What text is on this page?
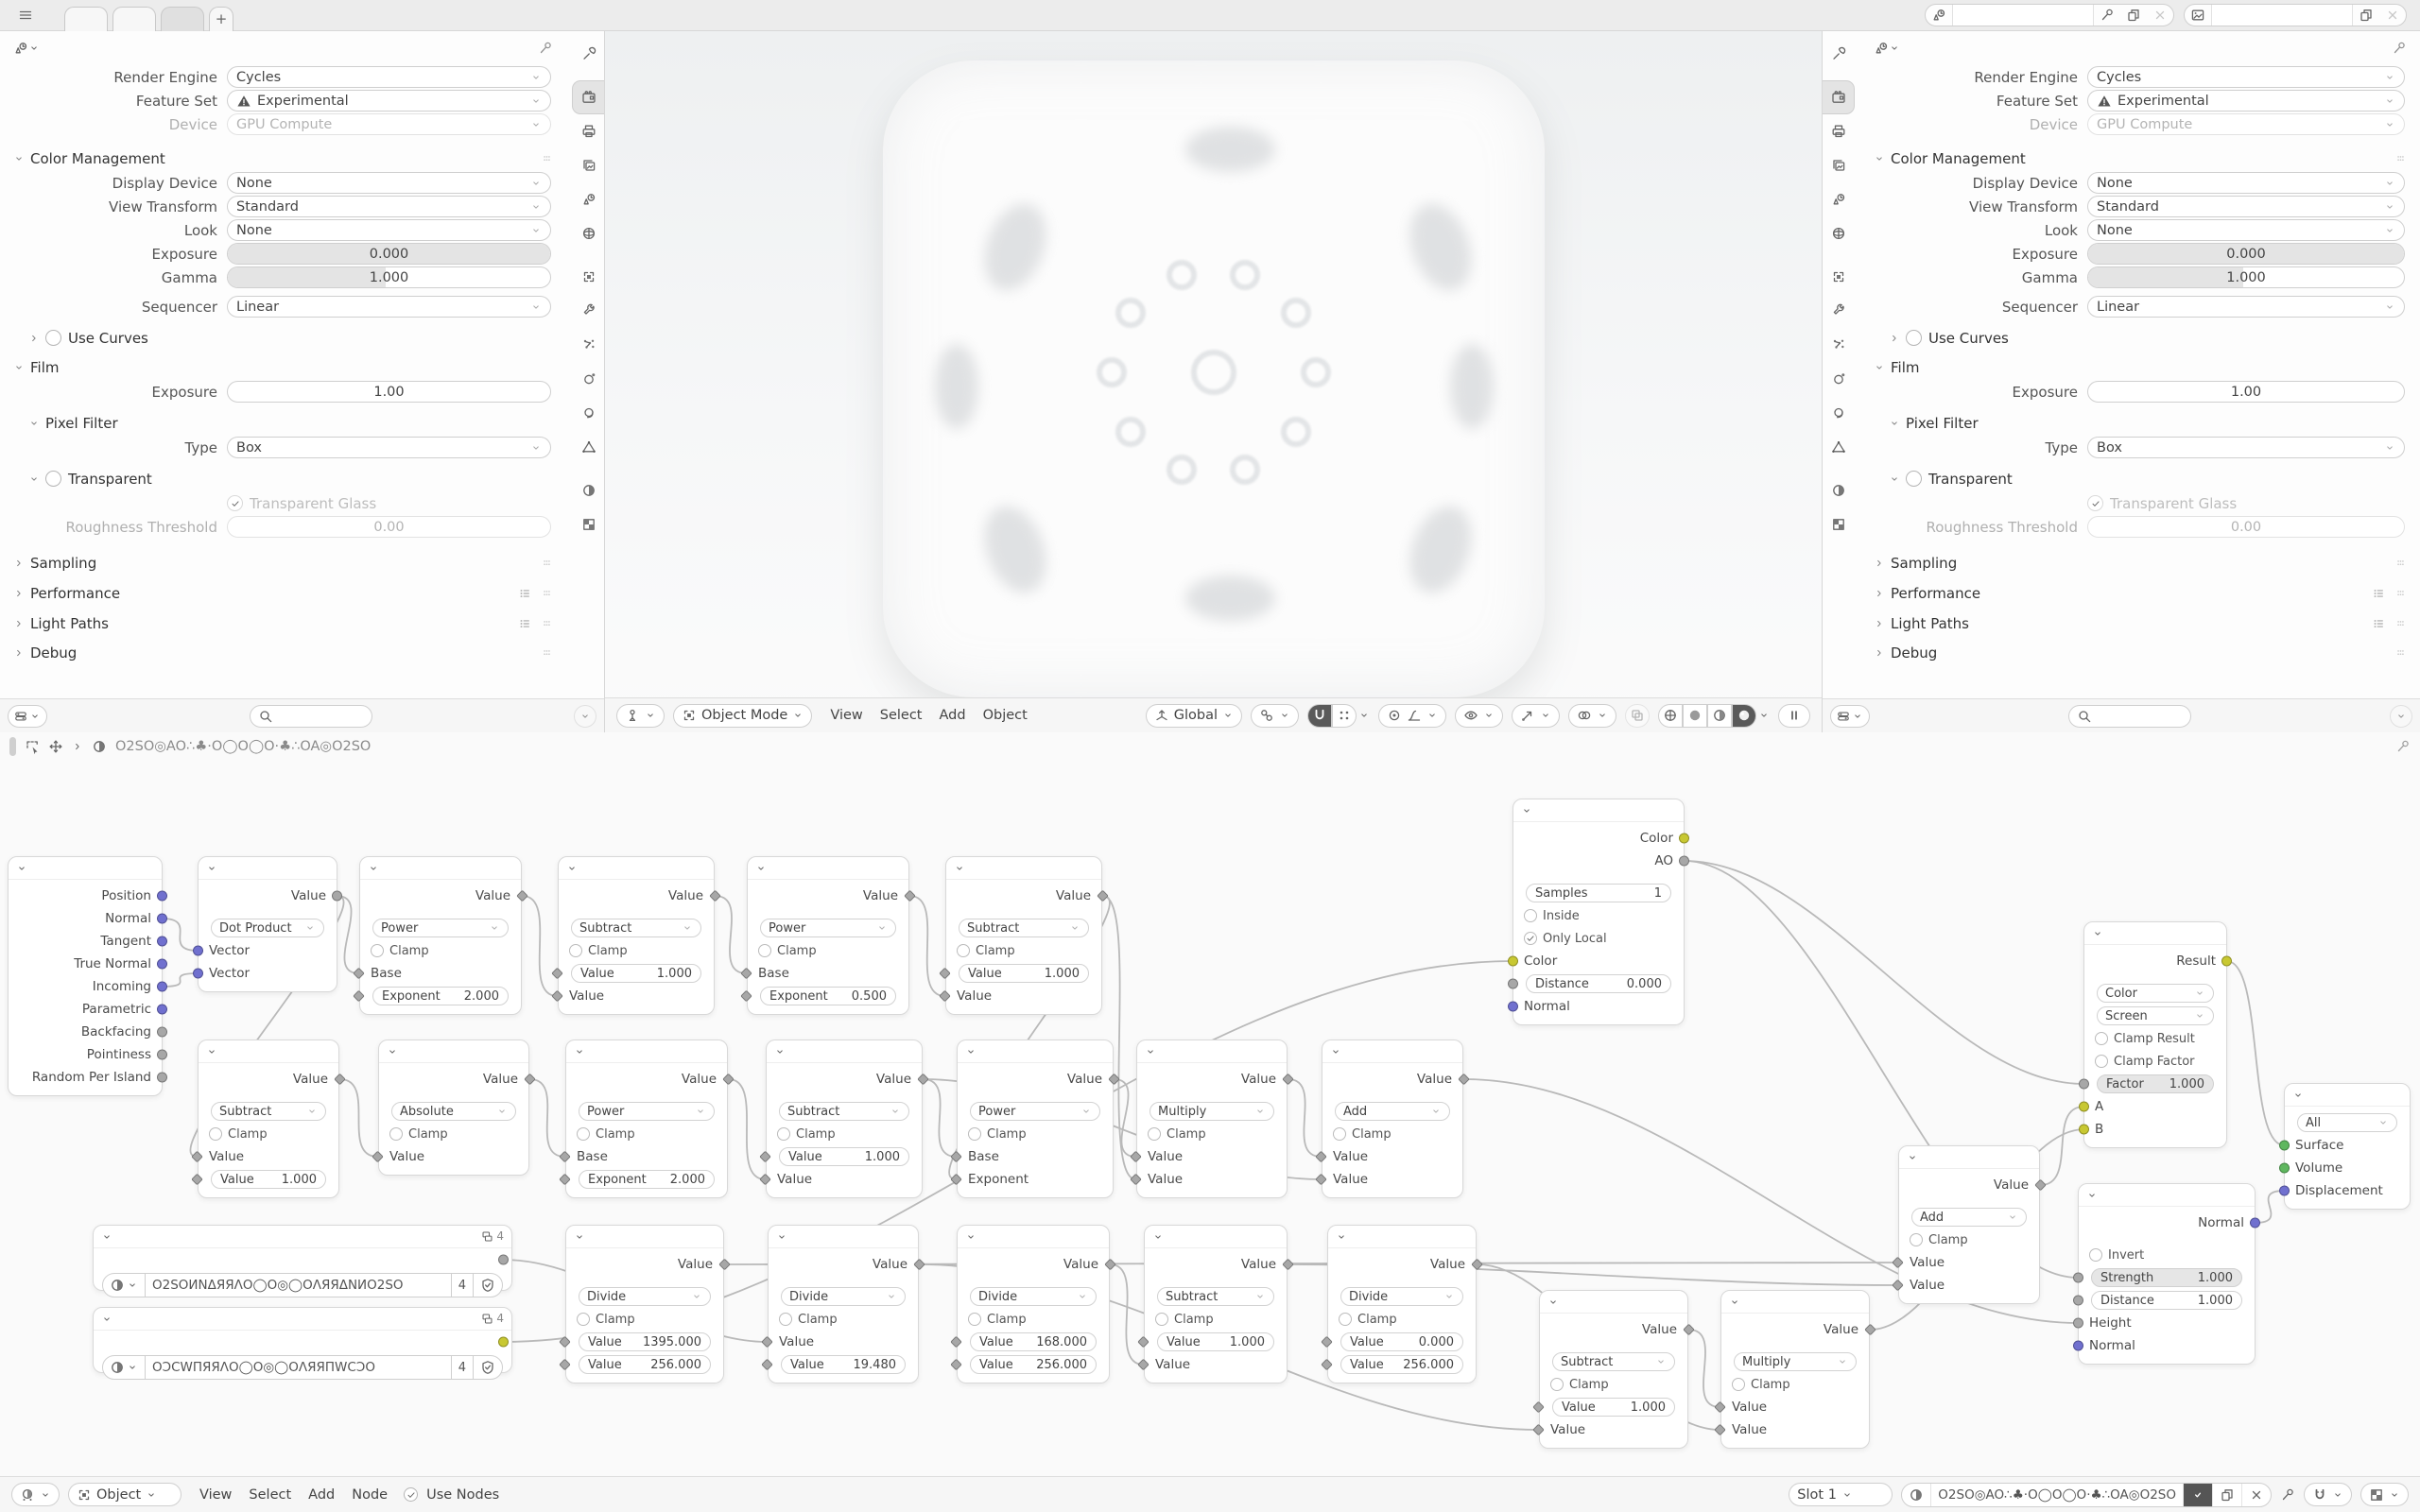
+
Render Engine	Cycles
Feature Set	Experimental
Device	GPU Compute
Color Management
Display Device	None
View Transform	Standard
Look	None
Exposure	0.000
Gamma	1.000
Sequencer	Linear
Use Curves
Film
Exposure	1.00
Pixel Filter
Type	Box
Transparent
Transparent Glass
Roughness Threshold	0.00
Sampling
Performance
Light Paths
Debug
Object Mode	View	Select	Add	Object	Global
Render Engine	Cycles
Feature Set	Experimental
Device	GPU Compute
Color Management
Display Device	None
View Transform	Standard
Look	None
Exposure	0.000
Gamma	1.000
Sequencer	Linear
Use Curves
Film
Exposure	1.00
Pixel Filter
Type	Box
Transparent
Transparent Glass
Roughness Threshold	0.00
Sampling
Performance
Light Paths
Debug
Position
Normal
Tangent
True Normal
Incoming
Parametric
Backfacing
Pointiness
Random Per Island
Value
Dot Product
Vector
Vector
Value
Power
Clamp
Base
Exponent 2.000
Value
Subtract
Clamp
Value	1.000
Value
Value
Power
Clamp
Base
Exponent 0.500
Value
Subtract
Clamp
Value	1.000
Value
Value
Subtract
Clamp
Value
Value 1.000
Value
Absolute
Clamp
Value
Value
Power
Clamp
Base
Exponent 2.000
Value
Subtract
Clamp
Value	1.000
Value
Value
Power
Clamp
Base
Exponent
Value
Multiply
Clamp
Value
Value
Value
Add
Clamp
Value
Value
4
O2SOИNΔЯЯΛO◯O◎◯OΛЯЯΔNИO2SO	4
4
OƆCWПЯЯΛO◯O◎◯OΛЯЯПWCƆO	4
Value
Divide
Clamp
Value 1395.000
Value 256.000
Value
Divide
Clamp
Value
Value 19.480
Value
Divide
Clamp
Value 168.000
Value 256.000
Value
Subtract
Clamp
Value 1.000
Value
Value
Divide
Clamp
Value	0.000
Value 256.000
Value
Subtract
Clamp
Value	1.000
Value
Value
Multiply
Clamp
Value
Value
Value
Add
Clamp
Value
Value
Color
AO
Samples	1
Inside
Only Local
Color
Distance	0.000
Normal
Result
Color
Screen
Clamp Result
Clamp Factor
Factor 1.000
A
B
Normal
Invert
Strength	1.000
Distance	1.000
Height
Normal
All
Surface
Volume
Displacement
O2SO◎AO∴♣·O◯O◯O·♣∴OA◎O2SO
Object	View	Select	Add	Node	Use Nodes	Slot 1	O2SO◎AO∴♣·O◯O◯O·♣∴OA◎O2SO
